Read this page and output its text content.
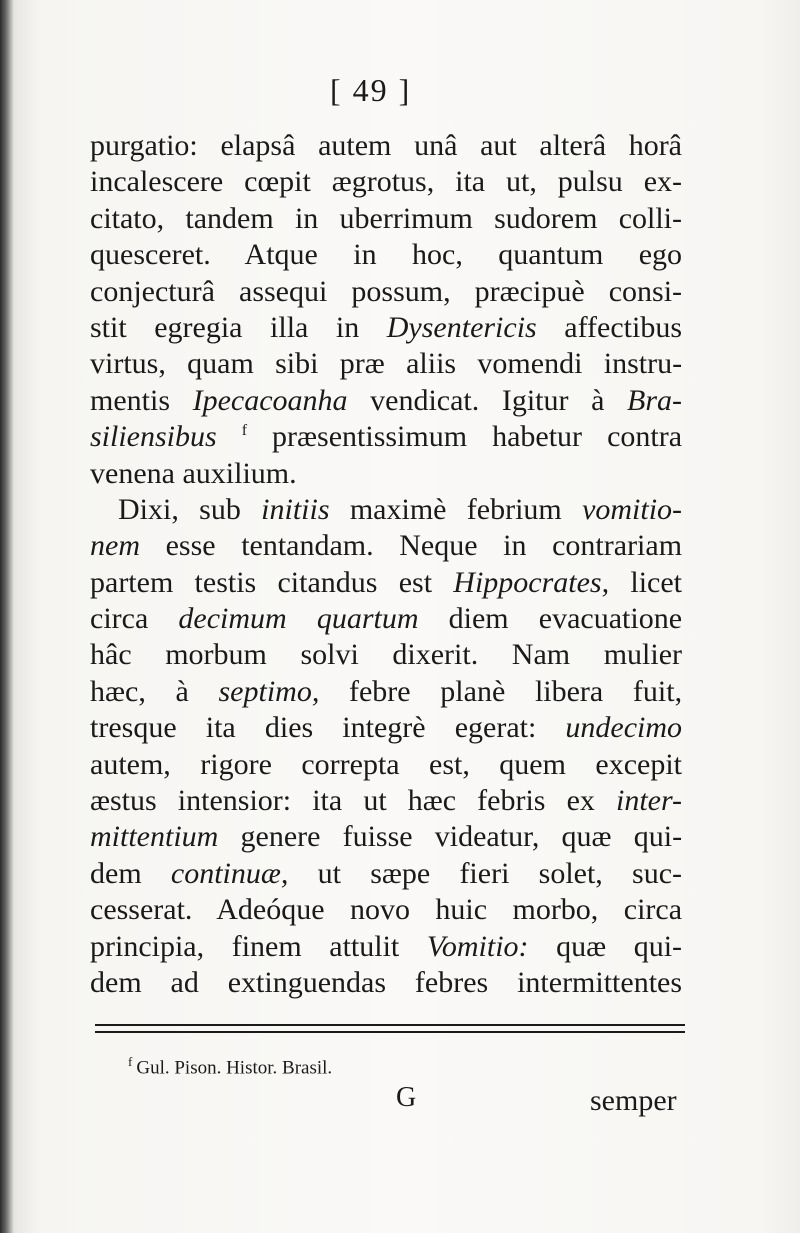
[ 49 ]
purgatio: elapsâ autem unâ aut alterâ horâ
incalescere cœpit ægrotus, ita ut, pulsu ex-
citato, tandem in uberrimum sudorem colli-
quesceret. Atque in hoc, quantum ego
conjecturâ assequi possum, præcipuè consi-
stit egregia illa in Dysentericis affectibus
virtus, quam sibi præ aliis vomendi instru-
mentis Ipecacoanha vendicat. Igitur à Bra-
siliensibus $^f$ præsentissimum habetur contra
venena auxilium.
Dixi, sub initiis maximè febrium vomitio-
nem esse tentandam. Neque in contrariam
partem testis citandus est Hippocrates, licet
circa decimum quartum diem evacuatione
hâc morbum solvi dixerit. Nam mulier
hæc, à septimo, febre planè libera fuit,
tresque ita dies integrè egerat: undecimo
autem, rigore correpta est, quem excepit
æstus intensior: ita ut hæc febris ex inter-
mittentium genere fuisse videatur, quæ qui-
dem continuæ, ut sæpe fieri solet, suc-
cesserat. Adeóque novo huic morbo, circa
principia, finem attulit Vomitio: quæ qui-
dem ad extinguendas febres intermittentes
$^f$ Gul. Pison. Histor. Brasil.
G	semper
